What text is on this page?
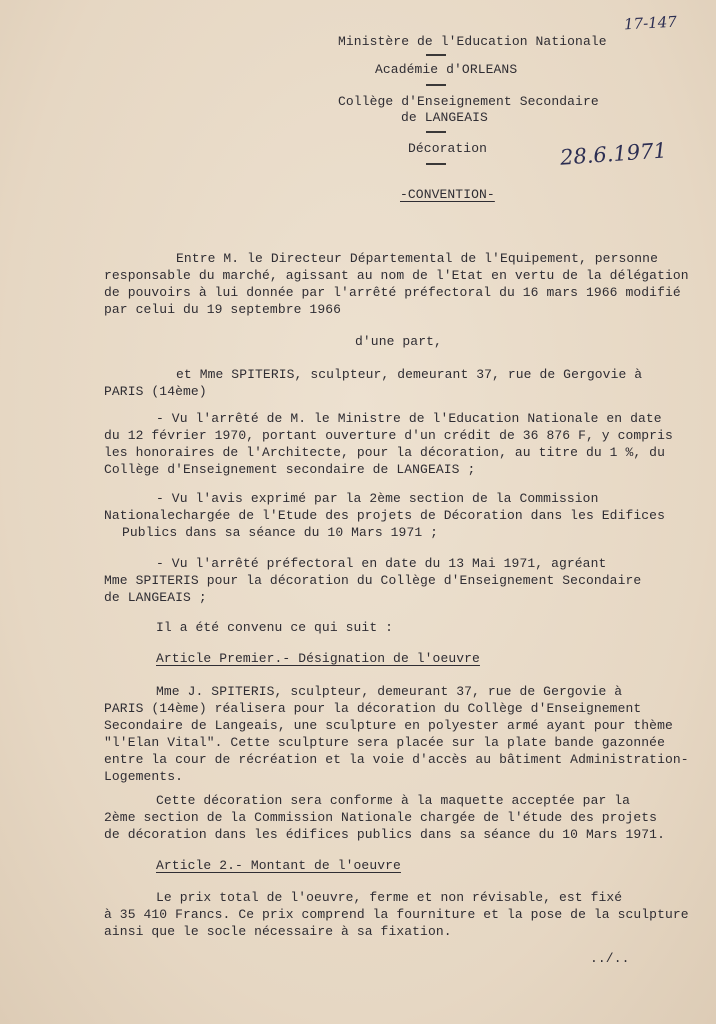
Ministère de l'Education Nationale
Académie d'ORLEANS
Collège d'Enseignement Secondaire
de LANGEAIS
Décoration
-CONVENTION-
17-147
28.6.1971
Entre M. le Directeur Départemental de l'Equipement, personne
responsable du marché, agissant au nom de l'Etat en vertu de la délégation
de pouvoirs à lui donnée par l'arrêté préfectoral du 16 mars 1966 modifié
par celui du 19 septembre 1966
d'une part,
et Mme SPITERIS, sculpteur, demeurant 37, rue de Gergovie à
PARIS (14ème)
- Vu l'arrêté de M. le Ministre de l'Education Nationale en date
du 12 février 1970, portant ouverture d'un crédit de 36 876 F, y compris
les honoraires de l'Architecte, pour la décoration, au titre du 1 %, du
Collège d'Enseignement secondaire de LANGEAIS ;
- Vu l'avis exprimé par la 2ème section de la Commission
Nationalechargée de l'Etude des projets de Décoration dans les Edifices
Publics dans sa séance du 10 Mars 1971 ;
- Vu l'arrêté préfectoral en date du 13 Mai 1971, agréant
Mme SPITERIS pour la décoration du Collège d'Enseignement Secondaire
de LANGEAIS ;
Il a été convenu ce qui suit :
Article Premier.- Désignation de l'oeuvre
Mme J. SPITERIS, sculpteur, demeurant 37, rue de Gergovie à
PARIS (14ème) réalisera pour la décoration du Collège d'Enseignement
Secondaire de Langeais, une sculpture en polyester armé ayant pour thème
"l'Elan Vital". Cette sculpture sera placée sur la plate bande gazonnée
entre la cour de récréation et la voie d'accès au bâtiment Administration-
Logements.
Cette décoration sera conforme à la maquette acceptée par la
2ème section de la Commission Nationale chargée de l'étude des projets
de décoration dans les édifices publics dans sa séance du 10 Mars 1971.
Article 2.- Montant de l'oeuvre
Le prix total de l'oeuvre, ferme et non révisable, est fixé
à 35 410 Francs. Ce prix comprend la fourniture et la pose de la sculpture
ainsi que le socle nécessaire à sa fixation.
../..
